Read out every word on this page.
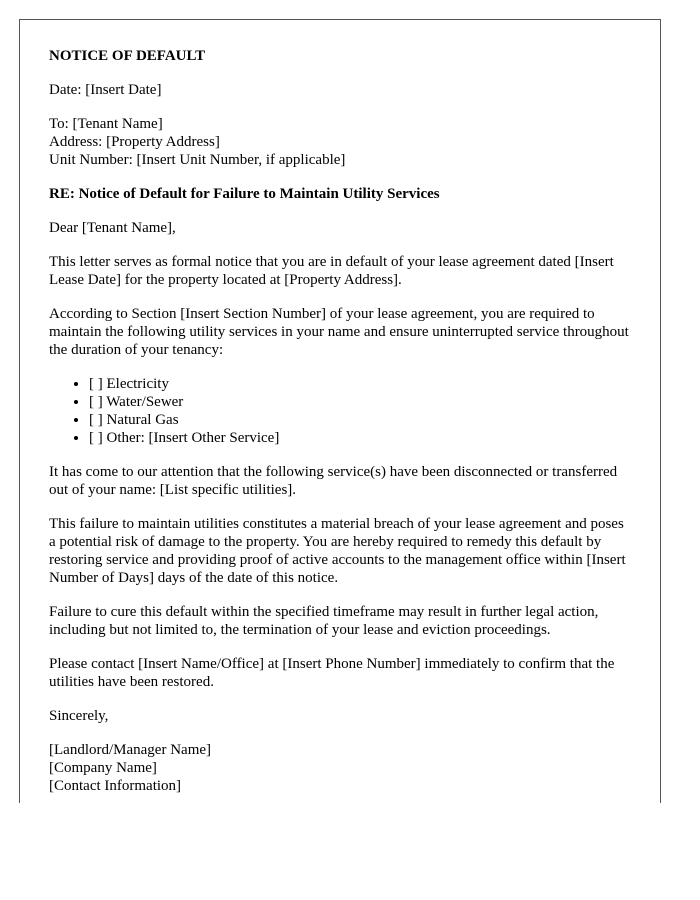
NOTICE OF DEFAULT

Date: [Insert Date]

To: [Tenant Name]
Address: [Property Address]
Unit Number: [Insert Unit Number, if applicable]

RE: Notice of Default for Failure to Maintain Utility Services

Dear [Tenant Name],

This letter serves as formal notice that you are in default of your lease agreement dated [Insert Lease Date] for the property located at [Property Address].

According to Section [Insert Section Number] of your lease agreement, you are required to maintain the following utility services in your name and ensure uninterrupted service throughout the duration of your tenancy:

• [ ] Electricity
• [ ] Water/Sewer
• [ ] Natural Gas
• [ ] Other: [Insert Other Service]

It has come to our attention that the following service(s) have been disconnected or transferred out of your name: [List specific utilities].

This failure to maintain utilities constitutes a material breach of your lease agreement and poses a potential risk of damage to the property. You are hereby required to remedy this default by restoring service and providing proof of active accounts to the management office within [Insert Number of Days] days of the date of this notice.

Failure to cure this default within the specified timeframe may result in further legal action, including but not limited to, the termination of your lease and eviction proceedings.

Please contact [Insert Name/Office] at [Insert Phone Number] immediately to confirm that the utilities have been restored.

Sincerely,

[Landlord/Manager Name]
[Company Name]
[Contact Information]
